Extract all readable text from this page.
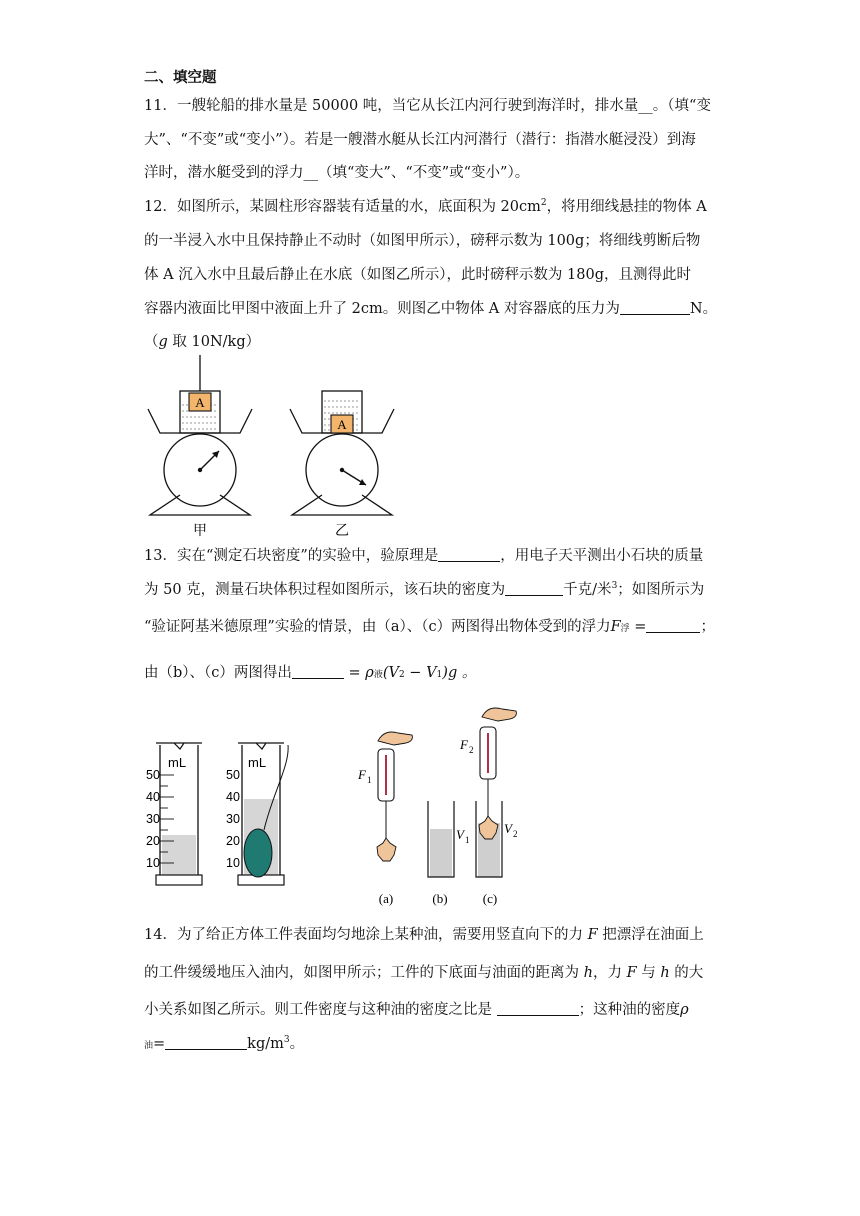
二、填空题
11．一艘轮船的排水量是 50000 吨，当它从长江内河行驶到海洋时，排水量__。（填“变
大”、“不变”或“变小”）。若是一艘潜水艇从长江内河潜行（潜行：指潜水艇浸没）到海
洋时，潜水艇受到的浮力__（填“变大”、“不变”或“变小”）。
12．如图所示，某圆柱形容器装有适量的水，底面积为 $20cm^2$，将用细线悬挂的物体 A
的一半浸入水中且保持静止不动时（如图甲所示），磅秤示数为 100g；将细线剪断后物
体 A 沉入水中且最后静止在水底（如图乙所示），此时磅秤示数为 180g，且测得此时
容器内液面比甲图中液面上升了 2cm。则图乙中物体 A 对容器底的压力为	N。
（g 取 10N/kg）
A
A
甲	乙
13．实在“测定石块密度”的实验中，验原理是	，用电子天平测出小石块的质量
为 50 克，测量石块体积过程如图所示，该石块的密度为	千克/米$^3$；如图所示为
“验证阿基米德原理”实验的情景，由（a）、（c）两图得出物体受到的浮力F浮 =	；
由（b）、（c）两图得出	= ρ液(V2 − V1)g 。
mL
50
40
30
20
10
mL
50
40
30
20
10
F 1
V 1
F 2
V 2
(a)	(b)	(c)
14．为了给正方体工件表面均匀地涂上某种油，需要用竖直向下的力 F 把漂浮在油面上
的工件缓缓地压入油内，如图甲所示；工件的下底面与油面的距离为 h，力 F 与 h 的大
小关系如图乙所示。则工件密度与这种油的密度之比是	；这种油的密度ρ
油=	$kg/m^3$。
